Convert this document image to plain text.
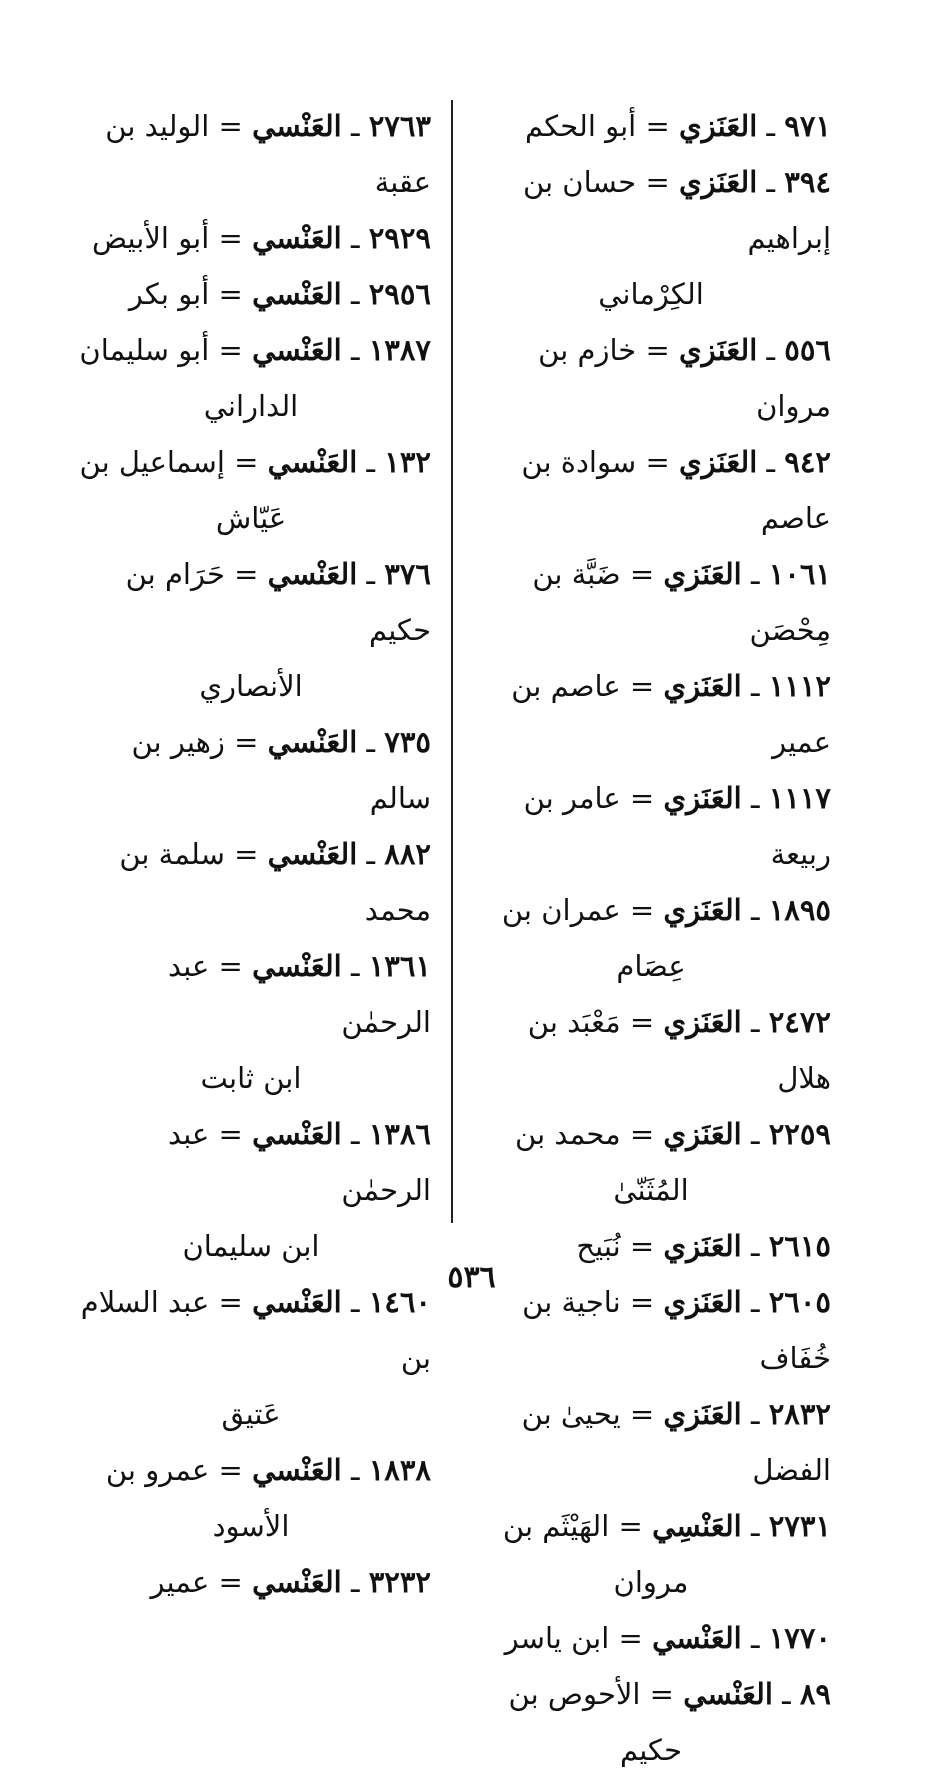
٩٧١ ـ العَنَزي = أبو الحكم

٣٩٤ ـ العَنَزي = حسان بن إبراهيم
الكِرْماني

٥٥٦ ـ العَنَزي = خازم بن مروان

٩٤٢ ـ العَنَزي = سوادة بن عاصم

١٠٦١ ـ العَنَزي = ضَبَّة بن مِحْصَن

١١١٢ ـ العَنَزي = عاصم بن عمير

١١١٧ ـ العَنَزي = عامر بن ربيعة

١٨٩٥ ـ العَنَزي = عمران بن
عِصَام

٢٤٧٢ ـ العَنَزي = مَعْبَد بن هلال

٢٢٥٩ ـ العَنَزي = محمد بن
المُثَنّىٰ

٢٦١٥ ـ العَنَزي = نُبَيح

٢٦٠٥ ـ العَنَزي = ناجية بن خُفَاف

٢٨٣٢ ـ العَنَزي = يحيىٰ بن الفضل

٢٧٣١ ـ العَنْسِي = الهَيْثَم بن
مروان

١٧٧٠ ـ العَنْسي = ابن ياسر

٨٩ ـ العَنْسي = الأحوص بن
حكيم

٢٧٦٣ ـ العَنْسي = الوليد بن عقبة

٢٩٢٩ ـ العَنْسي = أبو الأبيض

٢٩٥٦ ـ العَنْسي = أبو بكر

١٣٨٧ ـ العَنْسي = أبو سليمان
الداراني

١٣٢ ـ العَنْسي = إسماعيل بن
عَيّاش

٣٧٦ ـ العَنْسي = حَرَام بن حكيم
الأنصاري

٧٣٥ ـ العَنْسي = زهير بن سالم

٨٨٢ ـ العَنْسي = سلمة بن محمد

١٣٦١ ـ العَنْسي = عبد الرحمٰن
ابن ثابت

١٣٨٦ ـ العَنْسي = عبد الرحمٰن
ابن سليمان

١٤٦٠ ـ العَنْسي = عبد السلام بن
عَتيق

١٨٣٨ ـ العَنْسي = عمرو بن
الأسود

٣٢٣٢ ـ العَنْسي = عمير

٥٣٦
